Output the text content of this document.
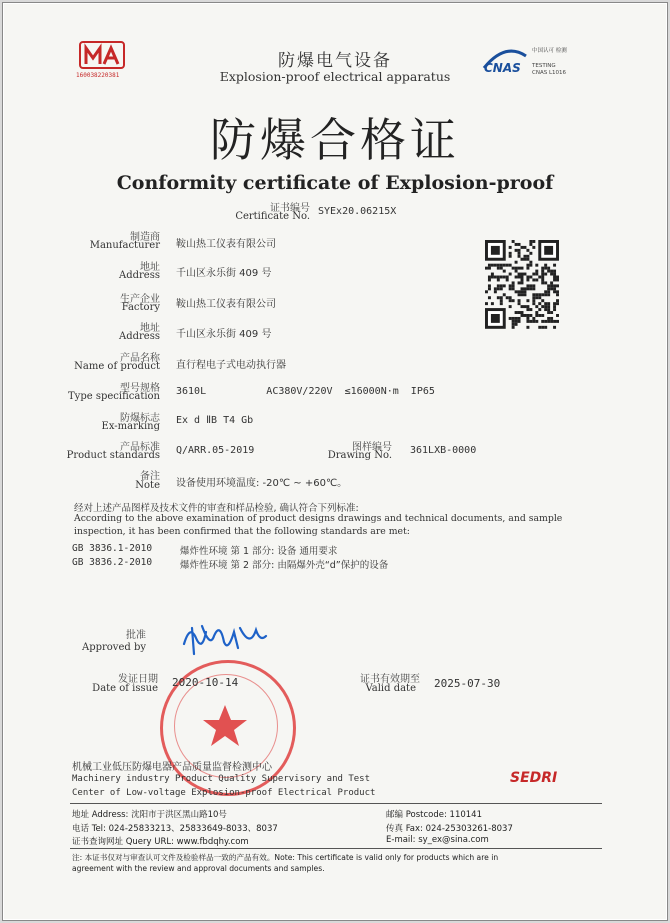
160038220381
CNAS
中国认可 检测
TESTING
CNAS L1016
防爆电气设备
Explosion-proof electrical apparatus
防爆合格证
Conformity certificate of Explosion-proof
证书编号
Certificate No. SYEx20.06215X
制造商
Manufacturer 鞍山热工仪表有限公司
地址
Address 千山区永乐街 409 号
生产企业
Factory 鞍山热工仪表有限公司
地址
Address 千山区永乐街 409 号
产品名称
Name of product 直行程电子式电动执行器
型号规格
Type specification 3610L          AC380V/220V  ≤16000N·m  IP65
防爆标志
Ex-marking
Ex d ⅡB T4 Gb
产品标准
Product standards Q/ARR.05-2019	图样编号
Drawing No. 361LXB-0000
备注
Note 设备使用环境温度: -20℃ ~ +60℃。
经对上述产品图样及技术文件的审查和样品检验, 确认符合下列标准:
According to the above examination of product designs drawings and technical documents, and sample
inspection, it has been confirmed that the following standards are met:
GB 3836.1-2010	爆炸性环境 第 1 部分: 设备 通用要求
GB 3836.2-2010	爆炸性环境 第 2 部分: 由隔爆外壳“d”保护的设备
批准
Approved by
发证日期
Date of issue 2020-10-14	证书有效期至
Valid date 2025-07-30
机械工业低压防爆电器产品质量监督检测中心
Machinery industry Product Quality Supervisory and Test
Center of Low-voltage Explosion-proof Electrical Product
SEDRI
地址 Address: 沈阳市于洪区黑山路10号	邮编 Postcode: 110141
电话 Tel: 024-25833213、25833649-8033、8037	传真 Fax: 024-25303261-8037
证书查询网址 Query URL: www.fbdqhy.com	E-mail: sy_ex@sina.com
注: 本证书仅对与审查认可文件及检验样品一致的产品有效。Note: This certificate is valid only for products which are in
agreement with the review and approval documents and samples.
